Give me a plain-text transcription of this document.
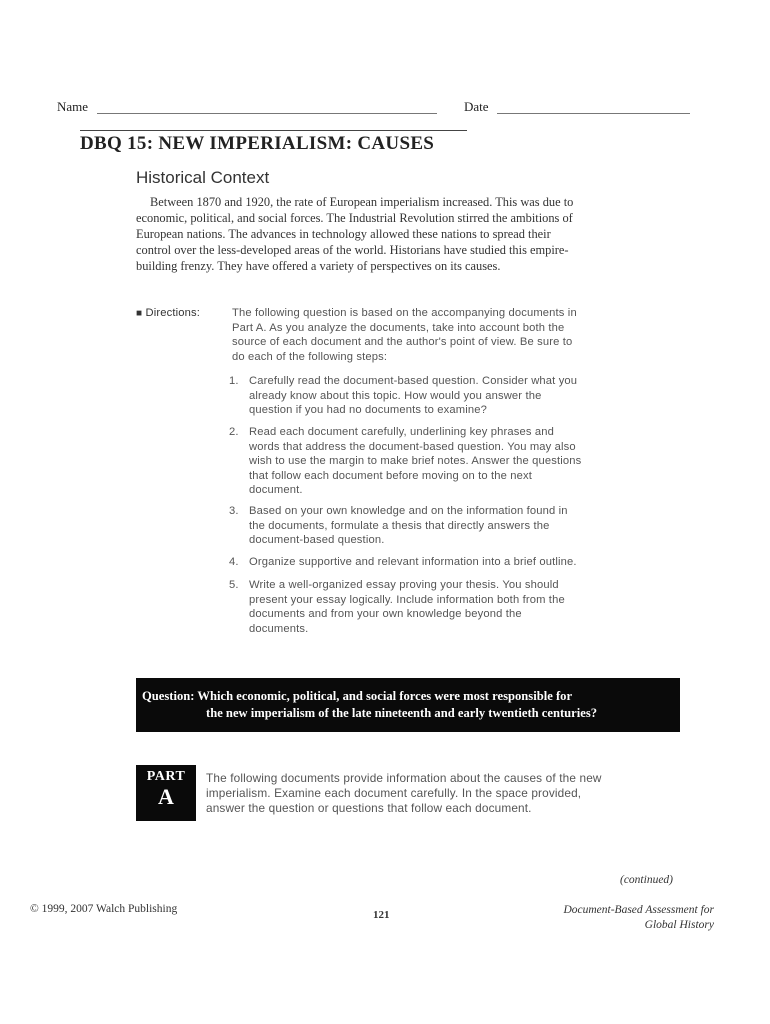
Name	Date
DBQ 15: NEW IMPERIALISM: CAUSES
Historical Context
Between 1870 and 1920, the rate of European imperialism increased. This was due to
economic, political, and social forces. The Industrial Revolution stirred the ambitions of
European nations. The advances in technology allowed these nations to spread their
control over the less-developed areas of the world. Historians have studied this empire-
building frenzy. They have offered a variety of perspectives on its causes.
■ Directions:	The following question is based on the accompanying documents in
Part A. As you analyze the documents, take into account both the
source of each document and the author's point of view. Be sure to
do each of the following steps:
1. Carefully read the document-based question. Consider what you
already know about this topic. How would you answer the
question if you had no documents to examine?
2. Read each document carefully, underlining key phrases and
words that address the document-based question. You may also
wish to use the margin to make brief notes. Answer the questions
that follow each document before moving on to the next
document.
3. Based on your own knowledge and on the information found in
the documents, formulate a thesis that directly answers the
document-based question.
4. Organize supportive and relevant information into a brief outline.
5. Write a well-organized essay proving your thesis. You should
present your essay logically. Include information both from the
documents and from your own knowledge beyond the
documents.
Question: Which economic, political, and social forces were most responsible for
the new imperialism of the late nineteenth and early twentieth centuries?
PART
A
The following documents provide information about the causes of the new
imperialism. Examine each document carefully. In the space provided,
answer the question or questions that follow each document.
(continued)
© 1999, 2007 Walch Publishing	121	Document-Based Assessment for
Global History
